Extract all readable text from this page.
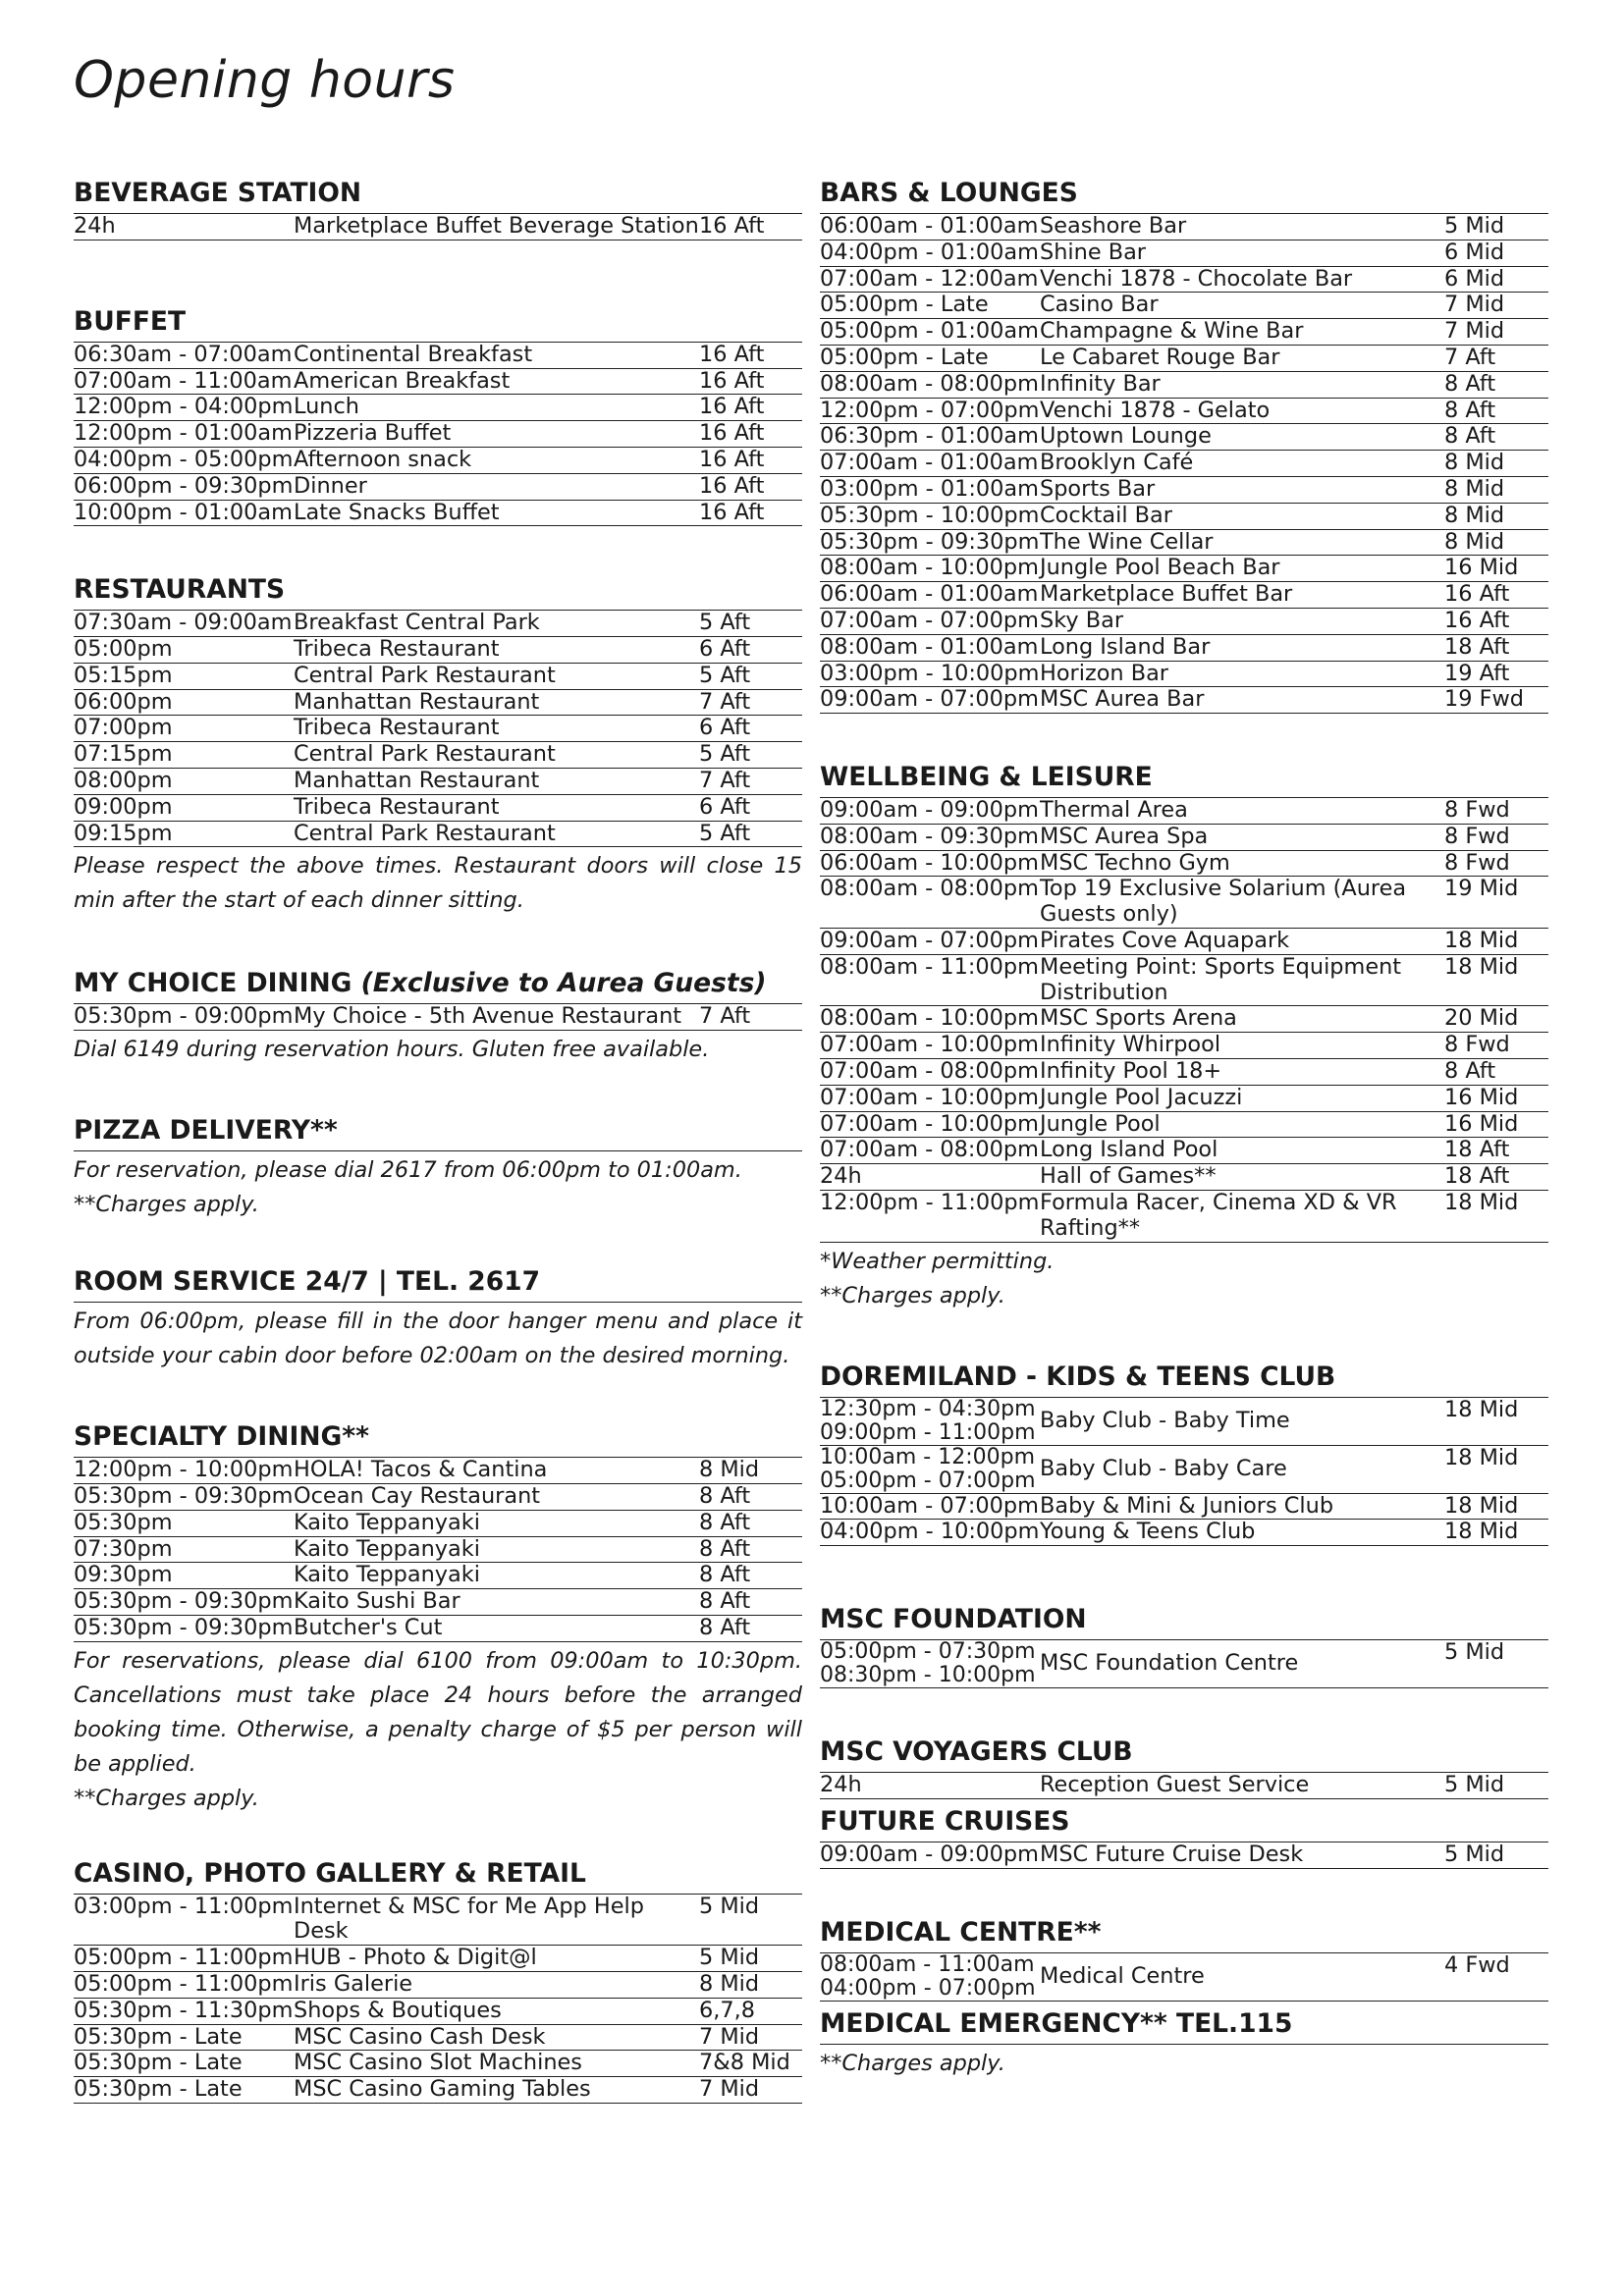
Opening hours
BEVERAGE STATION
24h	Marketplace Buffet Beverage Station 16 Aft
BUFFET
06:30am - 07:00am Continental Breakfast	16 Aft
07:00am - 11:00am American Breakfast	16 Aft
12:00pm - 04:00pm Lunch	16 Aft
12:00pm - 01:00am Pizzeria Buffet	16 Aft
04:00pm - 05:00pm Afternoon snack	16 Aft
06:00pm - 09:30pm Dinner	16 Aft
10:00pm - 01:00am Late Snacks Buffet	16 Aft
RESTAURANTS
07:30am - 09:00am Breakfast Central Park	5 Aft
05:00pm	Tribeca Restaurant	6 Aft
05:15pm	Central Park Restaurant	5 Aft
06:00pm	Manhattan Restaurant	7 Aft
07:00pm	Tribeca Restaurant	6 Aft
07:15pm	Central Park Restaurant	5 Aft
08:00pm	Manhattan Restaurant	7 Aft
09:00pm	Tribeca Restaurant	6 Aft
09:15pm	Central Park Restaurant	5 Aft

Please respect the above times. Restaurant doors will close 15 min after the start of each dinner sitting.

MY CHOICE DINING (Exclusive to Aurea Guests)
05:30pm - 09:00pm My Choice - 5th Avenue Restaurant 7 Aft

Dial 6149 during reservation hours. Gluten free available.

PIZZA DELIVERY**

For reservation, please dial 2617 from 06:00pm to 01:00am.

**Charges apply.

ROOM SERVICE 24/7 | TEL. 2617

From 06:00pm, please fill in the door hanger menu and place it outside your cabin door before 02:00am on the desired morning.

SPECIALTY DINING**
12:00pm - 10:00pm HOLA! Tacos & Cantina	8 Mid
05:30pm - 09:30pm Ocean Cay Restaurant	8 Aft
05:30pm	Kaito Teppanyaki	8 Aft
07:30pm	Kaito Teppanyaki	8 Aft
09:30pm	Kaito Teppanyaki	8 Aft
05:30pm - 09:30pm Kaito Sushi Bar	8 Aft
05:30pm - 09:30pm Butcher's Cut	8 Aft

For reservations, please dial 6100 from 09:00am to 10:30pm. Cancellations must take place 24 hours before the arranged booking time. Otherwise, a penalty charge of $5 per person will be applied.

**Charges apply.

CASINO, PHOTO GALLERY & RETAIL
03:00pm - 11:00pm Internet & MSC for Me App Help Desk
5 Mid
05:00pm - 11:00pm HUB - Photo & Digit@l	5 Mid
05:00pm - 11:00pm Iris Galerie	8 Mid
05:30pm - 11:30pm Shops & Boutiques	6,7,8
05:30pm - Late	MSC Casino Cash Desk	7 Mid
05:30pm - Late	MSC Casino Slot Machines	7&8 Mid
05:30pm - Late	MSC Casino Gaming Tables	7 Mid
BARS & LOUNGES
06:00am - 01:00am Seashore Bar	5 Mid
04:00pm - 01:00am Shine Bar	6 Mid
07:00am - 12:00am Venchi 1878 - Chocolate Bar	6 Mid
05:00pm - Late	Casino Bar	7 Mid
05:00pm - 01:00am Champagne & Wine Bar	7 Mid
05:00pm - Late	Le Cabaret Rouge Bar	7 Aft
08:00am - 08:00pm Infinity Bar	8 Aft
12:00pm - 07:00pm Venchi 1878 - Gelato	8 Aft
06:30pm - 01:00am Uptown Lounge	8 Aft
07:00am - 01:00am Brooklyn Café	8 Mid
03:00pm - 01:00am Sports Bar	8 Mid
05:30pm - 10:00pm Cocktail Bar	8 Mid
05:30pm - 09:30pm The Wine Cellar	8 Mid
08:00am - 10:00pm Jungle Pool Beach Bar	16 Mid
06:00am - 01:00am Marketplace Buffet Bar	16 Aft
07:00am - 07:00pm Sky Bar	16 Aft
08:00am - 01:00am Long Island Bar	18 Aft
03:00pm - 10:00pm Horizon Bar	19 Aft
09:00am - 07:00pm MSC Aurea Bar	19 Fwd
WELLBEING & LEISURE
09:00am - 09:00pm Thermal Area	8 Fwd
08:00am - 09:30pm MSC Aurea Spa	8 Fwd
06:00am - 10:00pm MSC Techno Gym	8 Fwd
08:00am - 08:00pm Top 19 Exclusive Solarium (Aurea Guests only)
19 Mid
09:00am - 07:00pm Pirates Cove Aquapark	18 Mid
08:00am - 11:00pm Meeting Point: Sports Equipment Distribution
18 Mid
08:00am - 10:00pm MSC Sports Arena	20 Mid
07:00am - 10:00pm Infinity Whirpool	8 Fwd
07:00am - 08:00pm Infinity Pool 18+	8 Aft
07:00am - 10:00pm Jungle Pool Jacuzzi	16 Mid
07:00am - 10:00pm Jungle Pool	16 Mid
07:00am - 08:00pm Long Island Pool	18 Aft
24h	Hall of Games**	18 Aft
12:00pm - 11:00pm Formula Racer, Cinema XD & VR Rafting**
18 Mid

*Weather permitting.

**Charges apply.

DOREMILAND - KIDS & TEENS CLUB
12:30pm - 04:30pm
09:00pm - 11:00pm Baby Club - Baby Time	18 Mid
10:00am - 12:00pm
05:00pm - 07:00pm Baby Club - Baby Care	18 Mid
10:00am - 07:00pm Baby & Mini & Juniors Club	18 Mid
04:00pm - 10:00pm Young & Teens Club	18 Mid
MSC FOUNDATION
05:00pm - 07:30pm
08:30pm - 10:00pm MSC Foundation Centre	5 Mid
MSC VOYAGERS CLUB
24h	Reception Guest Service	5 Mid
FUTURE CRUISES
09:00am - 09:00pm MSC Future Cruise Desk	5 Mid
MEDICAL CENTRE**
08:00am - 11:00am
04:00pm - 07:00pm Medical Centre	4 Fwd
MEDICAL EMERGENCY** TEL.115

**Charges apply.
